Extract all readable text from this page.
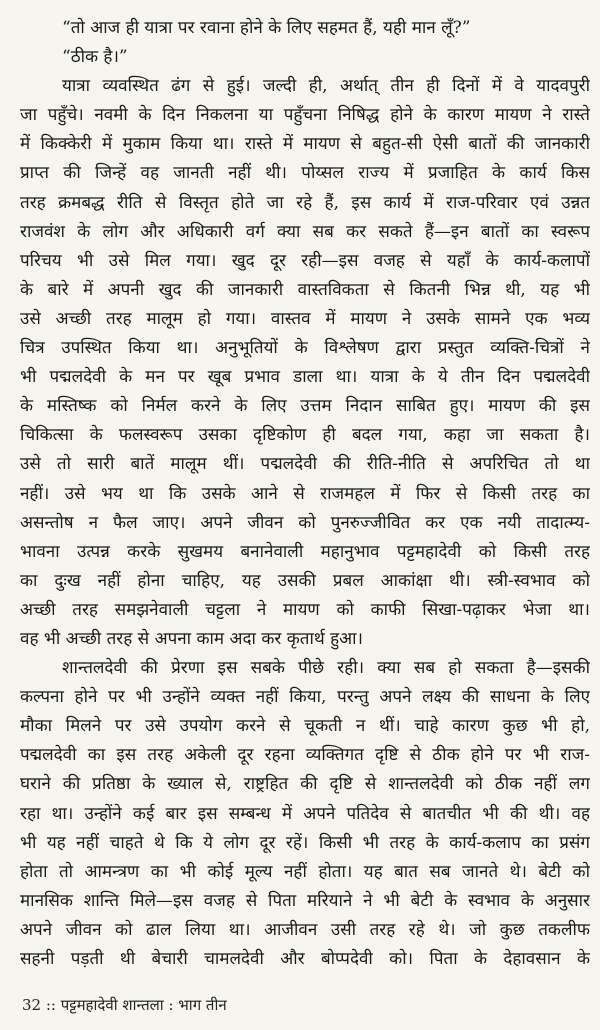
“तो आज ही यात्रा पर रवाना होने के लिए सहमत हैं, यही मान लूँ?”
“ठीक है।”
यात्रा व्यवस्थित ढंग से हुई। जल्दी ही, अर्थात् तीन ही दिनों में वे यादवपुरी
जा पहुँचे। नवमी के दिन निकलना या पहुँचना निषिद्ध होने के कारण मायण ने रास्ते
में किक्केरी में मुकाम किया था। रास्ते में मायण से बहुत-सी ऐसी बातों की जानकारी
प्राप्त की जिन्हें वह जानती नहीं थी। पोय्सल राज्य में प्रजाहित के कार्य किस
तरह क्रमबद्ध रीति से विस्तृत होते जा रहे हैं, इस कार्य में राज-परिवार एवं उन्नत
राजवंश के लोग और अधिकारी वर्ग क्या सब कर सकते हैं—इन बातों का स्वरूप
परिचय भी उसे मिल गया। खुद दूर रही—इस वजह से यहाँ के कार्य-कलापों
के बारे में अपनी खुद की जानकारी वास्तविकता से कितनी भिन्न थी, यह भी
उसे अच्छी तरह मालूम हो गया। वास्तव में मायण ने उसके सामने एक भव्य
चित्र उपस्थित किया था। अनुभूतियों के विश्लेषण द्वारा प्रस्तुत व्यक्ति-चित्रों ने
भी पद्मलदेवी के मन पर खूब प्रभाव डाला था। यात्रा के ये तीन दिन पद्मलदेवी
के मस्तिष्क को निर्मल करने के लिए उत्तम निदान साबित हुए। मायण की इस
चिकित्सा के फलस्वरूप उसका दृष्टिकोण ही बदल गया, कहा जा सकता है।
उसे तो सारी बातें मालूम थीं। पद्मलदेवी की रीति-नीति से अपरिचित तो था
नहीं। उसे भय था कि उसके आने से राजमहल में फिर से किसी तरह का
असन्तोष न फैल जाए। अपने जीवन को पुनरुज्जीवित कर एक नयी तादात्म्य-
भावना उत्पन्न करके सुखमय बनानेवाली महानुभाव पट्टमहादेवी को किसी तरह
का दुःख नहीं होना चाहिए, यह उसकी प्रबल आकांक्षा थी। स्त्री-स्वभाव को
अच्छी तरह समझनेवाली चट्टला ने मायण को काफी सिखा-पढ़ाकर भेजा था।
वह भी अच्छी तरह से अपना काम अदा कर कृतार्थ हुआ।
शान्तलदेवी की प्रेरणा इस सबके पीछे रही। क्या सब हो सकता है—इसकी
कल्पना होने पर भी उन्होंने व्यक्त नहीं किया, परन्तु अपने लक्ष्य की साधना के लिए
मौका मिलने पर उसे उपयोग करने से चूकती न थीं। चाहे कारण कुछ भी हो,
पद्मलदेवी का इस तरह अकेली दूर रहना व्यक्तिगत दृष्टि से ठीक होने पर भी राज-
घराने की प्रतिष्ठा के ख्याल से, राष्ट्रहित की दृष्टि से शान्तलदेवी को ठीक नहीं लग
रहा था। उन्होंने कई बार इस सम्बन्ध में अपने पतिदेव से बातचीत भी की थी। वह
भी यह नहीं चाहते थे कि ये लोग दूर रहें। किसी भी तरह के कार्य-कलाप का प्रसंग
होता तो आमन्त्रण का भी कोई मूल्य नहीं होता। यह बात सब जानते थे। बेटी को
मानसिक शान्ति मिले—इस वजह से पिता मरियाने ने भी बेटी के स्वभाव के अनुसार
अपने जीवन को ढाल लिया था। आजीवन उसी तरह रहे थे। जो कुछ तकलीफ
सहनी पड़ती थी बेचारी चामलदेवी और बोप्पदेवी को। पिता के देहावसान के
32 :: पट्टमहादेवी शान्तला : भाग तीन
